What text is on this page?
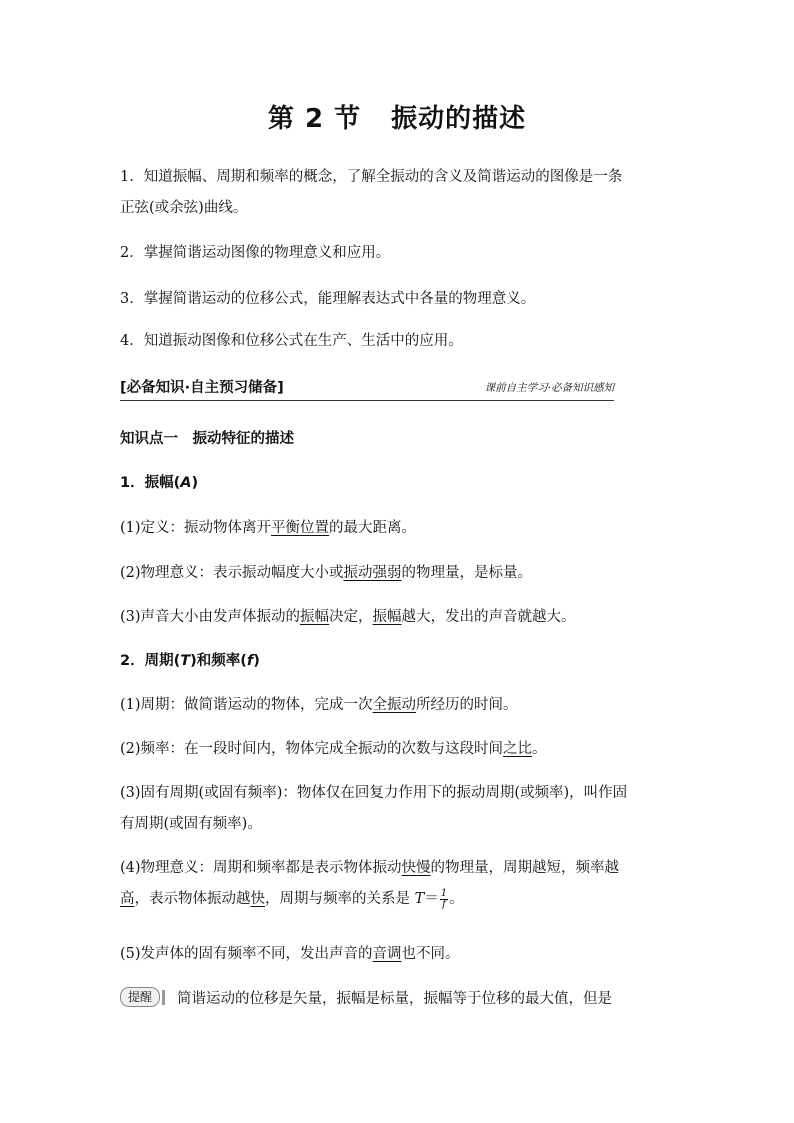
第 2 节 振动的描述
1．知道振幅、周期和频率的概念，了解全振动的含义及简谐运动的图像是一条
正弦(或余弦)曲线。
2．掌握简谐运动图像的物理意义和应用。
3．掌握简谐运动的位移公式，能理解表达式中各量的物理意义。
4．知道振动图像和位移公式在生产、生活中的应用。
[必备知识·自主预习储备]	课前自主学习·必备知识感知
知识点一　振动特征的描述
1．振幅(A)
(1)定义：振动物体离开平衡位置的最大距离。
(2)物理意义：表示振动幅度大小或振动强弱的物理量，是标量。
(3)声音大小由发声体振动的振幅决定，振幅越大，发出的声音就越大。
2．周期(T)和频率(f)
(1)周期：做简谐运动的物体，完成一次全振动所经历的时间。
(2)频率：在一段时间内，物体完成全振动的次数与这段时间之比。
(3)固有周期(或固有频率)：物体仅在回复力作用下的振动周期(或频率)，叫作固
有周期(或固有频率)。
(4)物理意义：周期和频率都是表示物体振动快慢的物理量，周期越短，频率越
高，表示物体振动越快，周期与频率的关系是 $T= \frac{1}{f}$ 。
(5)发声体的固有频率不同，发出声音的音调也不同。
提醒 简谐运动的位移是矢量，振幅是标量，振幅等于位移的最大值，但是
